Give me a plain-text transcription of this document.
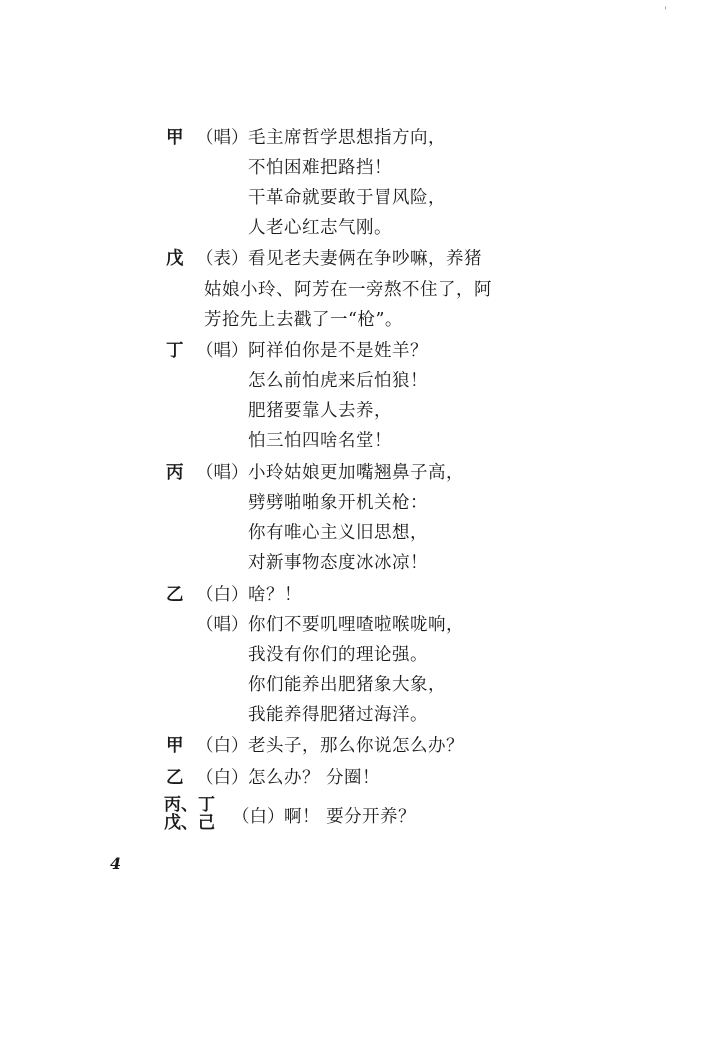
'
甲 （唱） 毛主席哲学思想指方向，
不怕困难把路挡！
干革命就要敢于冒风险，
人老心红志气刚。
戊 （表） 看见老夫妻俩在争吵嘛，养猪
姑娘小玲、阿芳在一旁熬不住了，阿
芳抢先上去戳了一“枪”。
丁 （唱） 阿祥伯你是不是姓羊？
怎么前怕虎来后怕狼！
肥猪要靠人去养，
怕三怕四啥名堂！
丙 （唱） 小玲姑娘更加嘴翘鼻子高，
劈劈啪啪象开机关枪：
你有唯心主义旧思想，
对新事物态度冰冰凉！
乙 （白） 啥？！
（唱） 你们不要叽哩喳啦喉咙响，
我没有你们的理论强。
你们能养出肥猪象大象，
我能养得肥猪过海洋。
甲 （白） 老头子，那么你说怎么办？
乙 （白） 怎么办？ 分圈！
丙、丁
戊、己 （白） 啊！ 要分开养？
4
